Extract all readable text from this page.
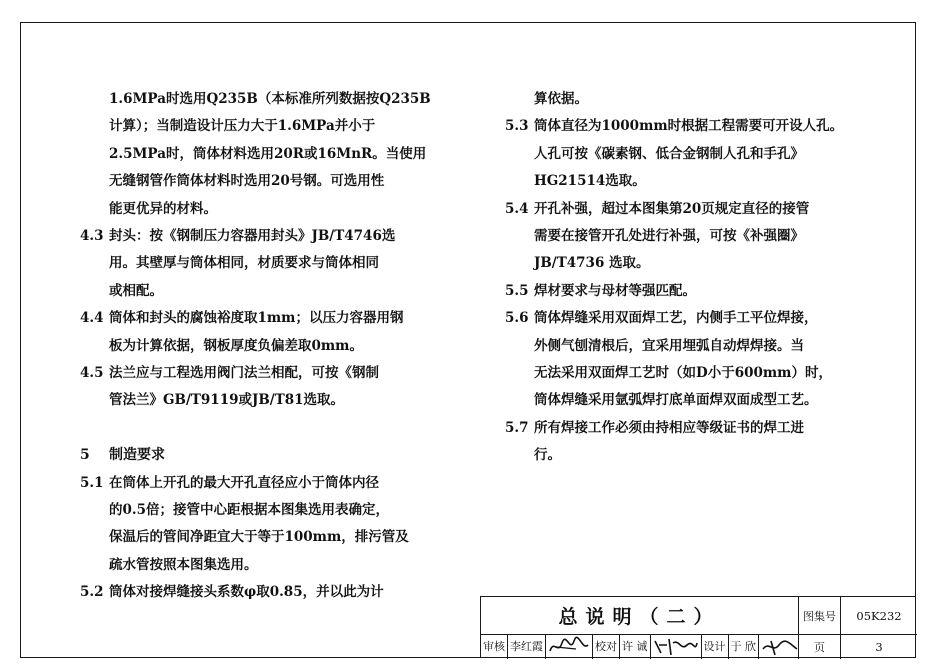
1.6MPa时选用Q235B（本标准所列数据按Q235B

计算）；当制造设计压力大于1.6MPa并小于

2.5MPa时，筒体材料选用20R或16MnR。当使用

无缝钢管作筒体材料时选用20号钢。可选用性

能更优异的材料。

4.3 封头：按《钢制压力容器用封头》JB/T4746选

用。其壁厚与筒体相同，材质要求与筒体相同

或相配。

4.4 筒体和封头的腐蚀裕度取1mm；以压力容器用钢

板为计算依据，钢板厚度负偏差取0mm。

4.5 法兰应与工程选用阀门法兰相配，可按《钢制

管法兰》GB/T9119或JB/T81选取。

5	制造要求

5.1 在筒体上开孔的最大开孔直径应小于筒体内径

的0.5倍；接管中心距根据本图集选用表确定，

保温后的管间净距宜大于等于100mm，排污管及

疏水管按照本图集选用。

5.2 筒体对接焊缝接头系数φ取0.85，并以此为计

算依据。

5.3 筒体直径为1000mm时根据工程需要可开设人孔。

人孔可按《碳素钢、低合金钢制人孔和手孔》

HG21514选取。

5.4 开孔补强，超过本图集第20页规定直径的接管

需要在接管开孔处进行补强，可按《补强圈》

JB/T4736 选取。

5.5 焊材要求与母材等强匹配。

5.6 筒体焊缝采用双面焊工艺，内侧手工平位焊接，

外侧气刨清根后，宜采用埋弧自动焊焊接。当

无法采用双面焊工艺时（如D小于600mm）时，

筒体焊缝采用氩弧焊打底单面焊双面成型工艺。

5.7 所有焊接工作必须由持相应等级证书的焊工进

行。

总说明（二）	图集号	05K232
审核 李红霞	校对 许 诚	设计 于 欣	页	3
